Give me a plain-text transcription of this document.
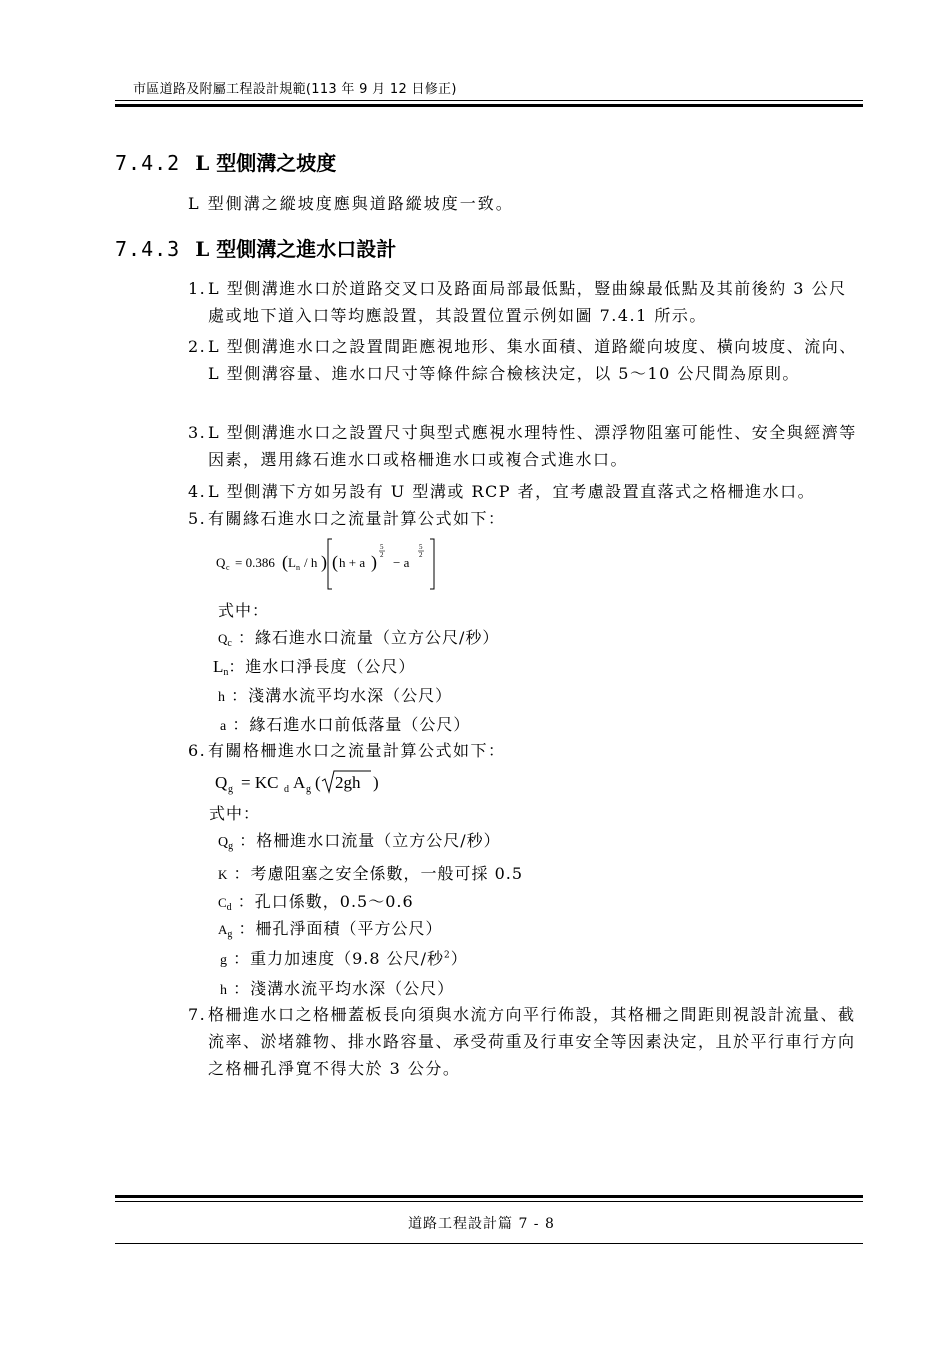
市區道路及附屬工程設計規範(113 年 9 月 12 日修正)
7.4.2 L 型側溝之坡度
L 型側溝之縱坡度應與道路縱坡度一致。
7.4.3 L 型側溝之進水口設計
1. L 型側溝進水口於道路交叉口及路面局部最低點，豎曲線最低點及其前後約 3 公尺處或地下道入口等均應設置，其設置位置示例如圖 7.4.1 所示。
2. L 型側溝進水口之設置間距應視地形、集水面積、道路縱向坡度、橫向坡度、流向、L 型側溝容量、進水口尺寸等條件綜合檢核決定，以 5～10 公尺間為原則。
3. L 型側溝進水口之設置尺寸與型式應視水理特性、漂浮物阻塞可能性、安全與經濟等因素，選用緣石進水口或格柵進水口或複合式進水口。
4. L 型側溝下方如另設有 U 型溝或 RCP 者，宜考慮設置直落式之格柵進水口。
5. 有關緣石進水口之流量計算公式如下：
Q c = 0.386 ( L n / h ) ( h + a )
5
2 − a
5
2
式中：
$Q_c$ ：緣石進水口流量（立方公尺/秒）
$L_n$：進水口淨長度（公尺）
h ：淺溝水流平均水深（公尺）
a ：緣石進水口前低落量（公尺）
6. 有關格柵進水口之流量計算公式如下：
Q g = KC d A g ( 2gh )
式中：
$Q_g$ ：格柵進水口流量（立方公尺/秒）
K ：考慮阻塞之安全係數，一般可採 0.5
$C_d$ ：孔口係數，0.5～0.6
$A_g$ ：柵孔淨面積（平方公尺）
g ：重力加速度（9.8 公尺/秒$^2$）
h ：淺溝水流平均水深（公尺）
7. 格柵進水口之格柵蓋板長向須與水流方向平行佈設，其格柵之間距則視設計流量、截流率、淤堵雜物、排水路容量、承受荷重及行車安全等因素決定，且於平行車行方向之格柵孔淨寬不得大於 3 公分。
道路工程設計篇 7 - 8
